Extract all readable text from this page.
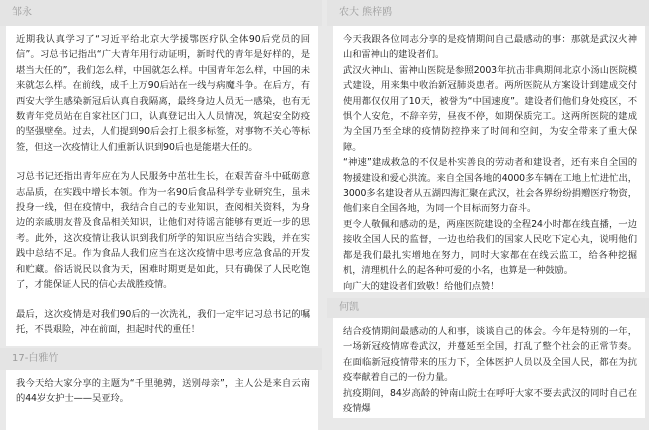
邹永

近期我认真学习了“习近平给北京大学援鄂医疗队全体90后党员的回信”。习总书记指出“广大青年用行动证明，新时代的青年是好样的，是堪当大任的”，我们怎么样，中国就怎么样。中国青年怎么样，中国的未来就怎么样。在前线，成千上万90后站在一线与病魔斗争。在后方，有西安大学生感染新冠后认真自我隔离，最终身边人员无一感染，也有无数青年党员站在自家社区门口，认真登记出入人员情况，筑起安全防疫的坚强壁垒。过去，人们提到90后会打上很多标签，对事物不关心等标签，但这一次疫情让人们重新认识到90后也是能堪大任的。

习总书记还指出青年应在为人民服务中茁壮生长，在艰苦奋斗中砥砺意志品质，在实践中增长本领。作为一名90后食品科学专业研究生，虽未投身一线，但在疫情中，我结合自己的专业知识，查阅相关资料，为身边的亲戚朋友普及食品相关知识，让他们对待谣言能够有更近一步的思考。此外，这次疫情让我认识到我们所学的知识应当结合实践，并在实践中总结不足。作为食品人我们应当在这次疫情中思考应急食品的开发和贮藏。俗话说民以食为天，困难时期更是如此，只有确保了人民吃饱了，才能保证人民的信心去战胜疫情。

最后，这次疫情是对我们90后的一次洗礼，我们一定牢记习总书记的嘱托，不畏艰险，冲在前面，担起时代的重任！

17-白雅竹

我今天给大家分享的主题为“千里驰骋，送别母亲”，主人公是来自云南的44岁女护士——吴亚玲。

农大 熊梓鸥

今天我跟各位同志分享的是疫情期间自己最感动的事：那就是武汉火神山和雷神山的建设者们。

武汉火神山、雷神山医院是参照2003年抗击非典期间北京小汤山医院模式建设，用来集中收治新冠肺炎患者。两所医院从方案设计到建成交付使用都仅仅用了10天，被誉为“中国速度”。建设者们他们身处疫区，不惧个人安危，不辞辛劳，昼夜不停，如期保质完工。这两所医院的建成为全国乃至全球的疫情防控挣来了时间和空间，为安全带来了重大保障。

“神速”建成救急的不仅是朴实善良的劳动者和建设者，还有来自全国的物援建设和爱心洪流。来自全国各地的4000多车辆在工地上忙进忙出，3000多名建设者从五湖四海汇聚在武汉，社会各界纷纷捐赠医疗物资，他们来自全国各地，为同一个目标而努力奋斗。

更令人敬佩和感动的是，两座医院建设的全程24小时都在线直播，一边接收全国人民的监督，一边也给我们的国家人民吃下定心丸，说明他们都是我们最扎实增地在努力，同时大家都在在线云监工，给各种挖掘机，清理机什么的起各种可爱的小名，也算是一种鼓励。

向广大的建设者们致敬！给他们点赞！

何凯

结合疫情期间最感动的人和事，谈谈自己的体会。今年是特别的一年，一场新冠疫情席卷武汉，并蔓延至全国，打乱了整个社会的正常节奏。在面临新冠疫情带来的压力下，全体医护人员以及全国人民，都在为抗疫奉献着自己的一份力量。

抗疫期间，84岁高龄的钟南山院士在呼吁大家不要去武汉的同时自己在疫情爆
